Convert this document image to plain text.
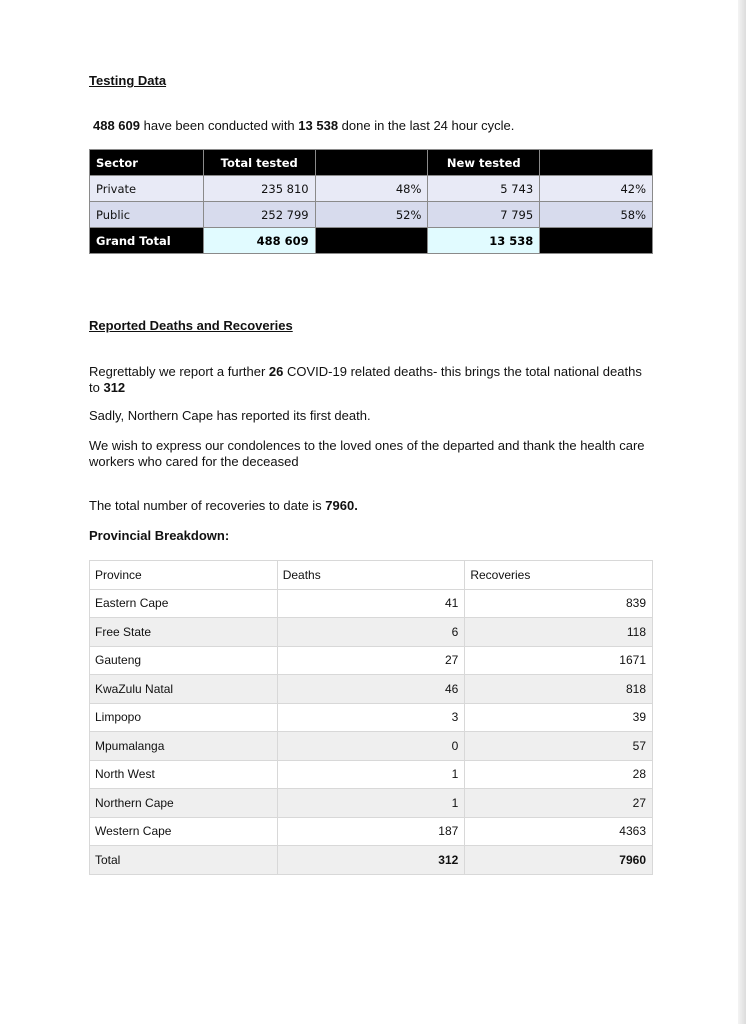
Testing Data
488 609 have been conducted with 13 538 done in the last 24 hour cycle.
Sector	Total tested		New tested	
Private	235 810	48%	5 743	42%
Public	252 799	52%	7 795	58%
Grand Total	488 609		13 538	
Reported Deaths and Recoveries
Regrettably we report a further 26 COVID-19 related deaths- this brings the total national deaths to 312
Sadly, Northern Cape has reported its first death.
We wish to express our condolences to the loved ones of the departed and thank the health care workers who cared for the deceased
The total number of recoveries to date is 7960.
Provincial Breakdown:
Province	Deaths	Recoveries
Eastern Cape	41	839
Free State	6	118
Gauteng	27	1671
KwaZulu Natal	46	818
Limpopo	3	39
Mpumalanga	0	57
North West	1	28
Northern Cape	1	27
Western Cape	187	4363
Total	312	7960
